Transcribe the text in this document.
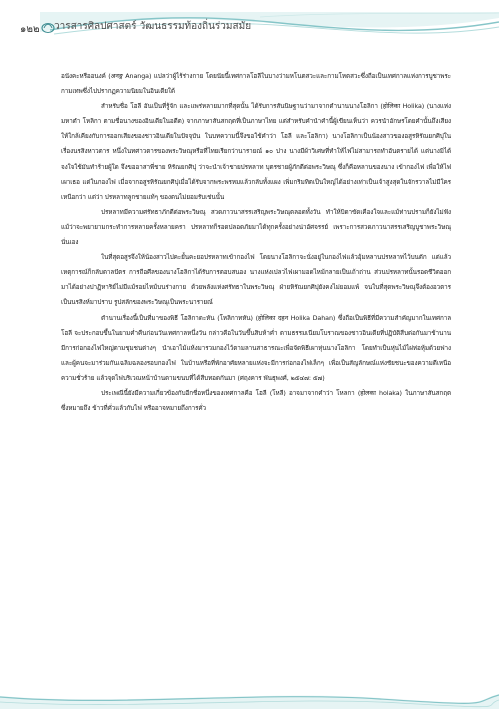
๑๒๒ วารสารศิลปศาสตร์ วัฒนธรรมท้องถิ่นร่วมสมัย

อนังคะหรืออนงค์ (अनङ्ग Ananga) แปลว่าผู้ไร้ร่างกาย โดยนัยนี้เทศกาลโฮลีในบางว่ามหโนตสวะและกามโหตสวะซึ่งถือเป็นเทศกาลแห่งการบูชาพระกามเทพซึ่งไปปรากฏความนิยมในอินเดียใต้

สำหรับชื่อ โฮลี อันเป็นที่รู้จัก และแพร่หลายมากที่สุดนั้น ได้รับการสันนิษฐานว่ามาจากตำนานนางโฮลิกา (होलिका Holika) (นางแห่งมหาตำ โหลิกา ตามชื่อนางของอินเดียในอดีต) จากภาษาสันสกฤตที่เป็นภาษาไทย แต่สำหรับคำนำคำนี้ผู้เขียนเห็นว่า ควรนำอักษรโดยคำนั้นถึงเสียงให้ใกล้เคียงกับการออกเสียงของชาวอินเดียในปัจจุบัน ในบทความนี้จึงขอใช้คำว่า โฮลี และโฮลิกา) นางโฮลิกาเป็นน้องสาวของอสูรหิรัณยกศิปุในเรื่องนรสิงหาวตาร หนึ่งในทศาวตารของพระวิษณุหรือที่ไทยเรียกว่านารายณ์ ๑๐ ปาง นางมีผ้าวิเศษที่ทำให้ไฟไม่สามารถทำอันตรายได้ แต่นางมิได้จงใจใช้มันทำร้ายผู้ใด จึงขออาสาพี่ชาย หิรัณยกศิปุ ว่าจะนำเจ้าชายปรหลาท บุตรชายผู้ภักดีต่อพระวิษณุ ซึ่งก็คือหลานของนาง เข้ากองไฟ เพื่อให้ไฟเผาเธอ แต่ในกองไฟ เมื่อจากอสูรหิรัณยกศิปุเมื่อได้รับจากพระพรหมแล้วกลับทั้งแผง เพิ่มกริมทิตเป็นใหญ่ได้อย่างเท่าเป็นเจ้าสูงสุดในจักรวาลไม่มีใครเหนือกว่า แต่ว่า ปรหลาทลูกชายแท้ๆ ของตนไม่ยอมรับเช่นนั้น

ปรหลาทมีความศรัทธาภักดีต่อพระวิษณุ สวดภาวนาสรรเสริญพระวิษณุตลอดทั้งวัน ทำให้บิดาขัดเคืองใจและแม้ท่านปรามก็ยังไม่ฟัง แม้ว่าจะพยายามกระทำการหลายครั้งหลายครา ปรหลาทก็รอดปลอดภัยมาได้ทุกครั้งอย่างน่าอัศจรรย์ เพราะการสวดภาวนาสรรเสริญบูชาพระวิษณุนั่นเอง

ในที่สุดอสูรจึงให้น้องสาวไปคะยั้นคะยอปรหลาทเข้ากองไฟ โดยนางโฮลิกาจะนั่งอยู่ในกองไฟแล้วอุ้มหลานปรหลาทไว้บนตัก แต่แล้วเหตุการณ์ก็กลับตาลปัตร การถือศีลของนางโฮลิกาได้รับการตอบสนอง นางแห่งเปลวไฟเผามอดไหม้กลายเป็นเถ้าถ่าน ส่วนปรหลาทนั้นรอดชีวิตออกมาได้อย่างปาฏิหาริย์ไม่มีแม้รอยไหม้บนร่างกาย ด้วยพลังแห่งศรัทธาในพระวิษณุ ฝ่ายหิรัณยกศิปุยังคงไม่ยอมแพ้ จนในที่สุดพระวิษณุจึงต้องอวตารเป็นนรสิงห์มาปราบ รูปสลักของพระวิษณุเป็นพระนารายณ์

ตำนานเรื่องนี้เป็นที่มาของพิธี โฮลิกาดะหัน (โหลิกาทหัน) (होलिका दहन Holika Dahan) ซึ่งถือเป็นพิธีที่มีความสำคัญมากในเทศกาลโฮลี จะประกอบขึ้นในยามค่ำคืนก่อนวันเทศกาลหนึ่งวัน กล่าวคือในวันขึ้นสิบห้าค่ำ ตามธรรมเนียมโบราณของชาวอินเดียที่ปฏิบัติสืบต่อกันมาช้านาน มีการก่อกองไฟใหญ่ตามชุมชนต่างๆ นำเอาไม้แห้งมารวมกองไว้ตามลานสาธารณะเพื่อจัดพิธีเผาหุ่นนางโฮลิกา โดยทำเป็นหุ่นไม้ไผ่ห่อหุ้มด้วยฟาง และผู้คนจะมาร่วมกันเฉลิมฉลองรอบกองไฟ ในบ้านหรือที่พักอาศัยหลายแห่งจะมีการก่อกองไฟเล็กๆ เพื่อเป็นสัญลักษณ์แห่งชัยชนะของความดีเหนือความชั่วร้าย แล้วจุดไฟบริเวณหน้าบ้านตามขนบที่ได้สืบทอดกันมา (ศฤงคาร พันธุพงศ์, ๒๕๔๗: ๕๗)

ประเพณีนี้ยังมีความเกี่ยวข้องกับอีกชื่อหนึ่งของเทศกาลคือ โฮลี (โหลี) อาจมาจากคำว่า โหลกา (होलका holaka) ในภาษาสันสกฤต ซึ่งหมายถึง ข้าวที่คั่วแล้วกับไฟ หรืออาจหมายถึงการคั่ว
